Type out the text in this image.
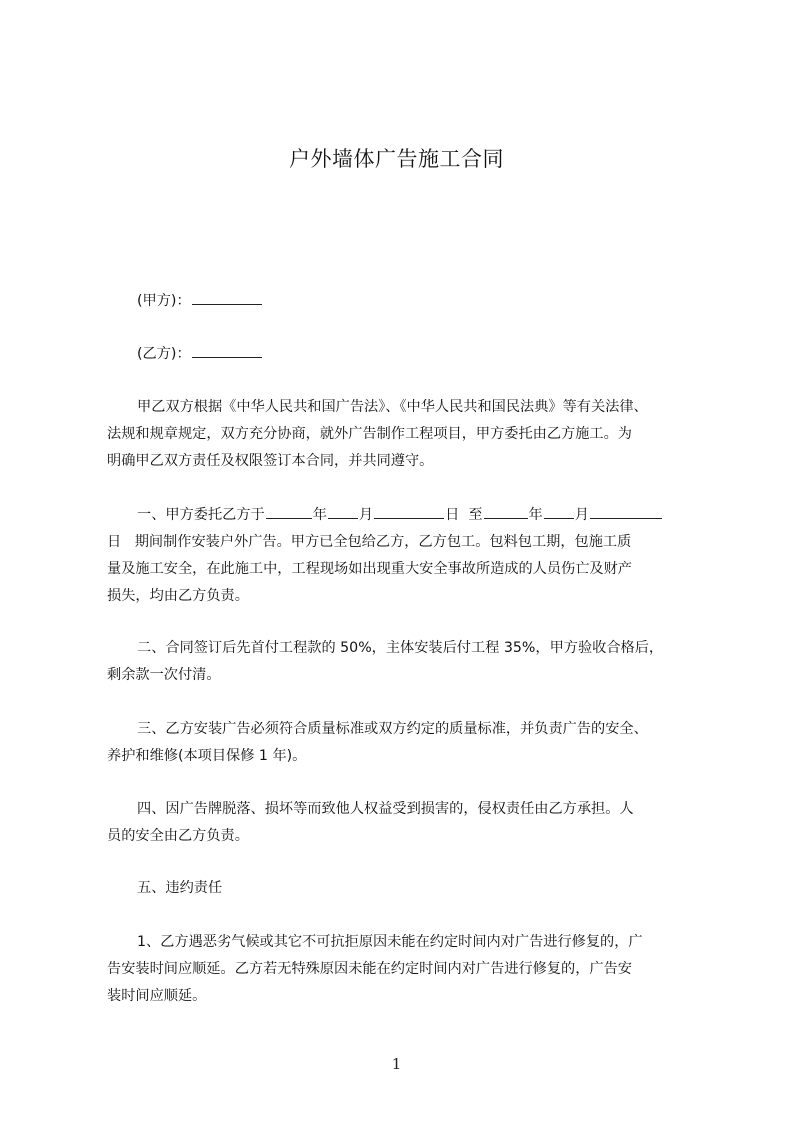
户外墙体广告施工合同
(甲方)：
(乙方)：
甲乙双方根据《中华人民共和国广告法》、《中华人民共和国民法典》等有关法律、
法规和规章规定，双方充分协商，就外广告制作工程项目，甲方委托由乙方施工。为
明确甲乙双方责任及权限签订本合同，并共同遵守。
一、甲方委托乙方于	年 月	日 至	年 月
日 期间制作安装户外广告。甲方已全包给乙方，乙方包工。包料包工期，包施工质
量及施工安全，在此施工中，工程现场如出现重大安全事故所造成的人员伤亡及财产
损失，均由乙方负责。
二、合同签订后先首付工程款的 50%，主体安装后付工程 35%，甲方验收合格后，
剩余款一次付清。
三、乙方安装广告必须符合质量标准或双方约定的质量标准，并负责广告的安全、
养护和维修(本项目保修 1 年)。
四、因广告牌脱落、损坏等而致他人权益受到损害的，侵权责任由乙方承担。人
员的安全由乙方负责。
五、违约责任
1、乙方遇恶劣气候或其它不可抗拒原因未能在约定时间内对广告进行修复的，广
告安装时间应顺延。乙方若无特殊原因未能在约定时间内对广告进行修复的，广告安
装时间应顺延。
1
